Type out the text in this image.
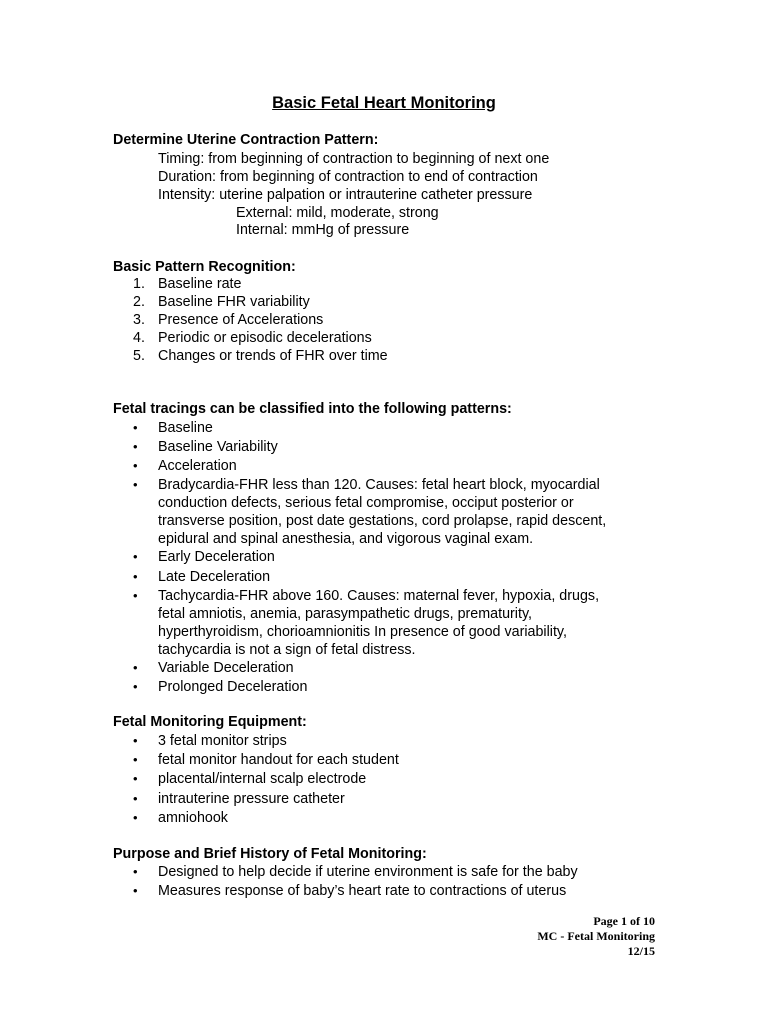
Basic Fetal Heart Monitoring
Determine Uterine Contraction Pattern:
Timing: from beginning of contraction to beginning of next one
Duration: from beginning of contraction to end of contraction
Intensity: uterine palpation or intrauterine catheter pressure
External: mild, moderate, strong
Internal: mmHg of pressure
Basic Pattern Recognition:
1. Baseline rate
2. Baseline FHR variability
3. Presence of Accelerations
4. Periodic or episodic decelerations
5. Changes or trends of FHR over time
Fetal tracings can be classified into the following patterns:
• Baseline
• Baseline Variability
• Acceleration
• Bradycardia-FHR less than 120. Causes: fetal heart block, myocardial
conduction defects, serious fetal compromise, occiput posterior or
transverse position, post date gestations, cord prolapse, rapid descent,
epidural and spinal anesthesia, and vigorous vaginal exam.
• Early Deceleration
• Late Deceleration
• Tachycardia-FHR above 160. Causes: maternal fever, hypoxia, drugs,
fetal amniotis, anemia, parasympathetic drugs, prematurity,
hyperthyroidism, chorioamnionitis In presence of good variability,
tachycardia is not a sign of fetal distress.
• Variable Deceleration
• Prolonged Deceleration
Fetal Monitoring Equipment:
• 3 fetal monitor strips
• fetal monitor handout for each student
• placental/internal scalp electrode
• intrauterine pressure catheter
• amniohook
Purpose and Brief History of Fetal Monitoring:
• Designed to help decide if uterine environment is safe for the baby
• Measures response of baby’s heart rate to contractions of uterus
Page 1 of 10
MC - Fetal Monitoring
12/15
